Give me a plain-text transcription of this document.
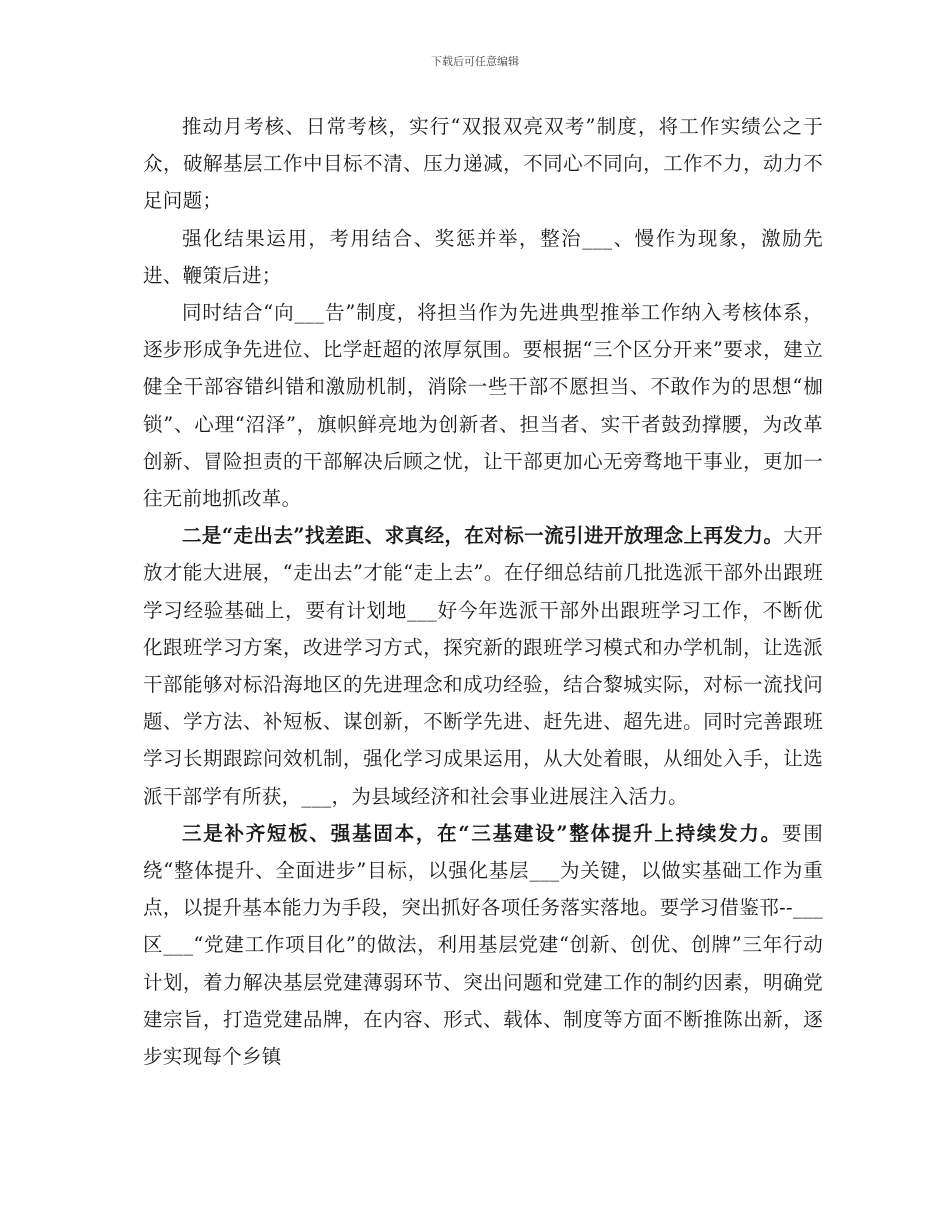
下载后可任意编辑

推动月考核、日常考核，实行“双报双亮双考”制度，将工作实绩公之于众，破解基层工作中目标不清、压力递减，不同心不同向，工作不力，动力不足问题；

强化结果运用，考用结合、奖惩并举，整治___、慢作为现象，激励先进、鞭策后进；

同时结合“向___告”制度，将担当作为先进典型推举工作纳入考核体系，逐步形成争先进位、比学赶超的浓厚氛围。要根据“三个区分开来”要求，建立健全干部容错纠错和激励机制，消除一些干部不愿担当、不敢作为的思想“枷锁”、心理“沼泽”，旗帜鲜亮地为创新者、担当者、实干者鼓劲撑腰，为改革创新、冒险担责的干部解决后顾之忧，让干部更加心无旁骛地干事业，更加一往无前地抓改革。

二是“走出去”找差距、求真经，在对标一流引进开放理念上再发力。大开放才能大进展，“走出去”才能“走上去”。在仔细总结前几批选派干部外出跟班学习经验基础上，要有计划地___好今年选派干部外出跟班学习工作，不断优化跟班学习方案，改进学习方式，探究新的跟班学习模式和办学机制，让选派干部能够对标沿海地区的先进理念和成功经验，结合黎城实际，对标一流找问题、学方法、补短板、谋创新，不断学先进、赶先进、超先进。同时完善跟班学习长期跟踪问效机制，强化学习成果运用，从大处着眼，从细处入手，让选派干部学有所获，___，为县域经济和社会事业进展注入活力。

三是补齐短板、强基固本，在“三基建设”整体提升上持续发力。要围绕“整体提升、全面进步”目标，以强化基层___为关键，以做实基础工作为重点，以提升基本能力为手段，突出抓好各项任务落实落地。要学习借鉴邗--___区___“党建工作项目化”的做法，利用基层党建“创新、创优、创牌”三年行动计划，着力解决基层党建薄弱环节、突出问题和党建工作的制约因素，明确党建宗旨，打造党建品牌，在内容、形式、载体、制度等方面不断推陈出新，逐步实现每个乡镇
